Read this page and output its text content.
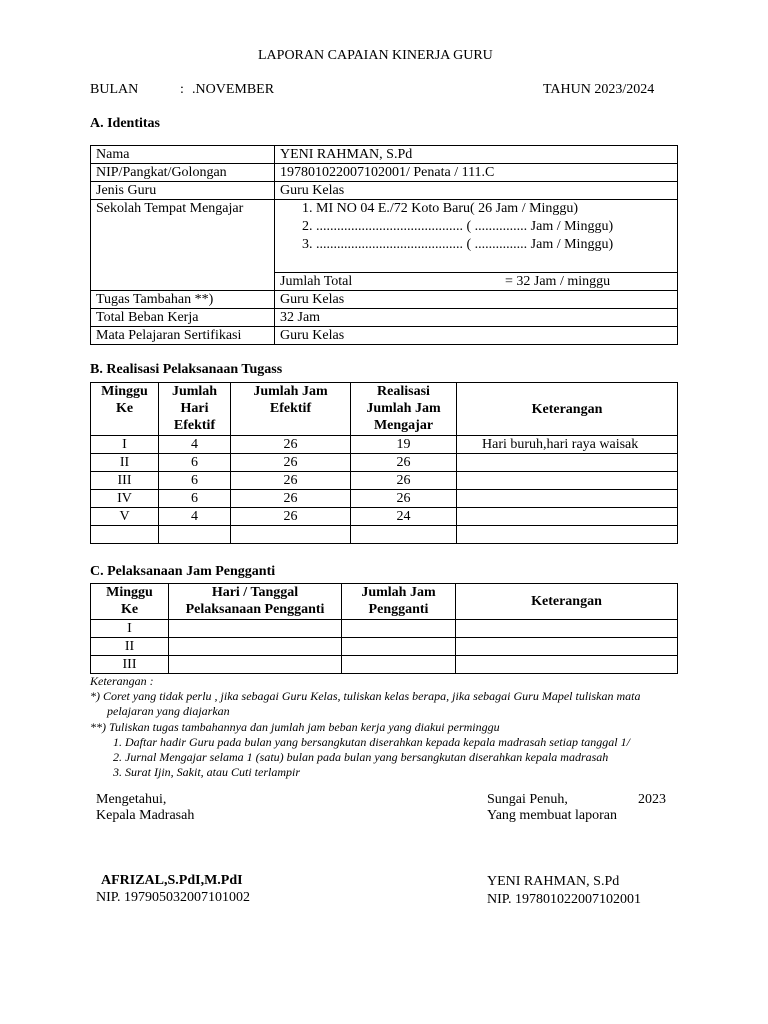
LAPORAN CAPAIAN KINERJA GURU
BULAN	: .NOVEMBER	TAHUN 2023/2024
A. Identitas
Nama	YENI RAHMAN, S.Pd
NIP/Pangkat/Golongan	197801022007102001/ Penata / 111.C
Jenis Guru	Guru Kelas
Sekolah Tempat Mengajar	1. MI NO 04 E./72 Koto Baru( 26 Jam / Minggu)
2. .......................................... ( ............... Jam / Minggu)
3. .......................................... ( ............... Jam / Minggu)

	Jumlah Total = 32 Jam / minggu

Tugas Tambahan **)	Guru Kelas
Total Beban Kerja	32 Jam
Mata Pelajaran Sertifikasi	Guru Kelas
B. Realisasi Pelaksanaan Tugass
Minggu Ke	Jumlah Hari Efektif	Jumlah Jam Efektif	Realisasi Jumlah Jam Mengajar	Keterangan
I	4	26	19	Hari buruh,hari raya waisak
II	6	26	26	
III	6	26	26	
IV	6	26	26	
V	4	26	24	

C. Pelaksanaan Jam Pengganti
Minggu Ke	Hari / Tanggal Pelaksanaan Pengganti	Jumlah Jam Pengganti	Keterangan
I			
II			
III			
Keterangan :
*) Coret yang tidak perlu , jika sebagai Guru Kelas, tuliskan kelas berapa, jika sebagai Guru Mapel tuliskan mata
pelajaran yang diajarkan
**) Tuliskan tugas tambahannya dan jumlah jam beban kerja yang diakui perminggu
1. Daftar hadir Guru pada bulan yang bersangkutan diserahkan kepada kepala madrasah setiap tanggal 1/
2. Jurnal Mengajar selama 1 (satu) bulan pada bulan yang bersangkutan diserahkan kepala madrasah
3. Surat Ijin, Sakit, atau Cuti terlampir
Mengetahui,
Kepala Madrasah
AFRIZAL,S.PdI,M.PdI
NIP. 197905032007101002
Sungai Penuh,	2023
Yang membuat laporan
YENI RAHMAN, S.Pd
NIP. 197801022007102001
